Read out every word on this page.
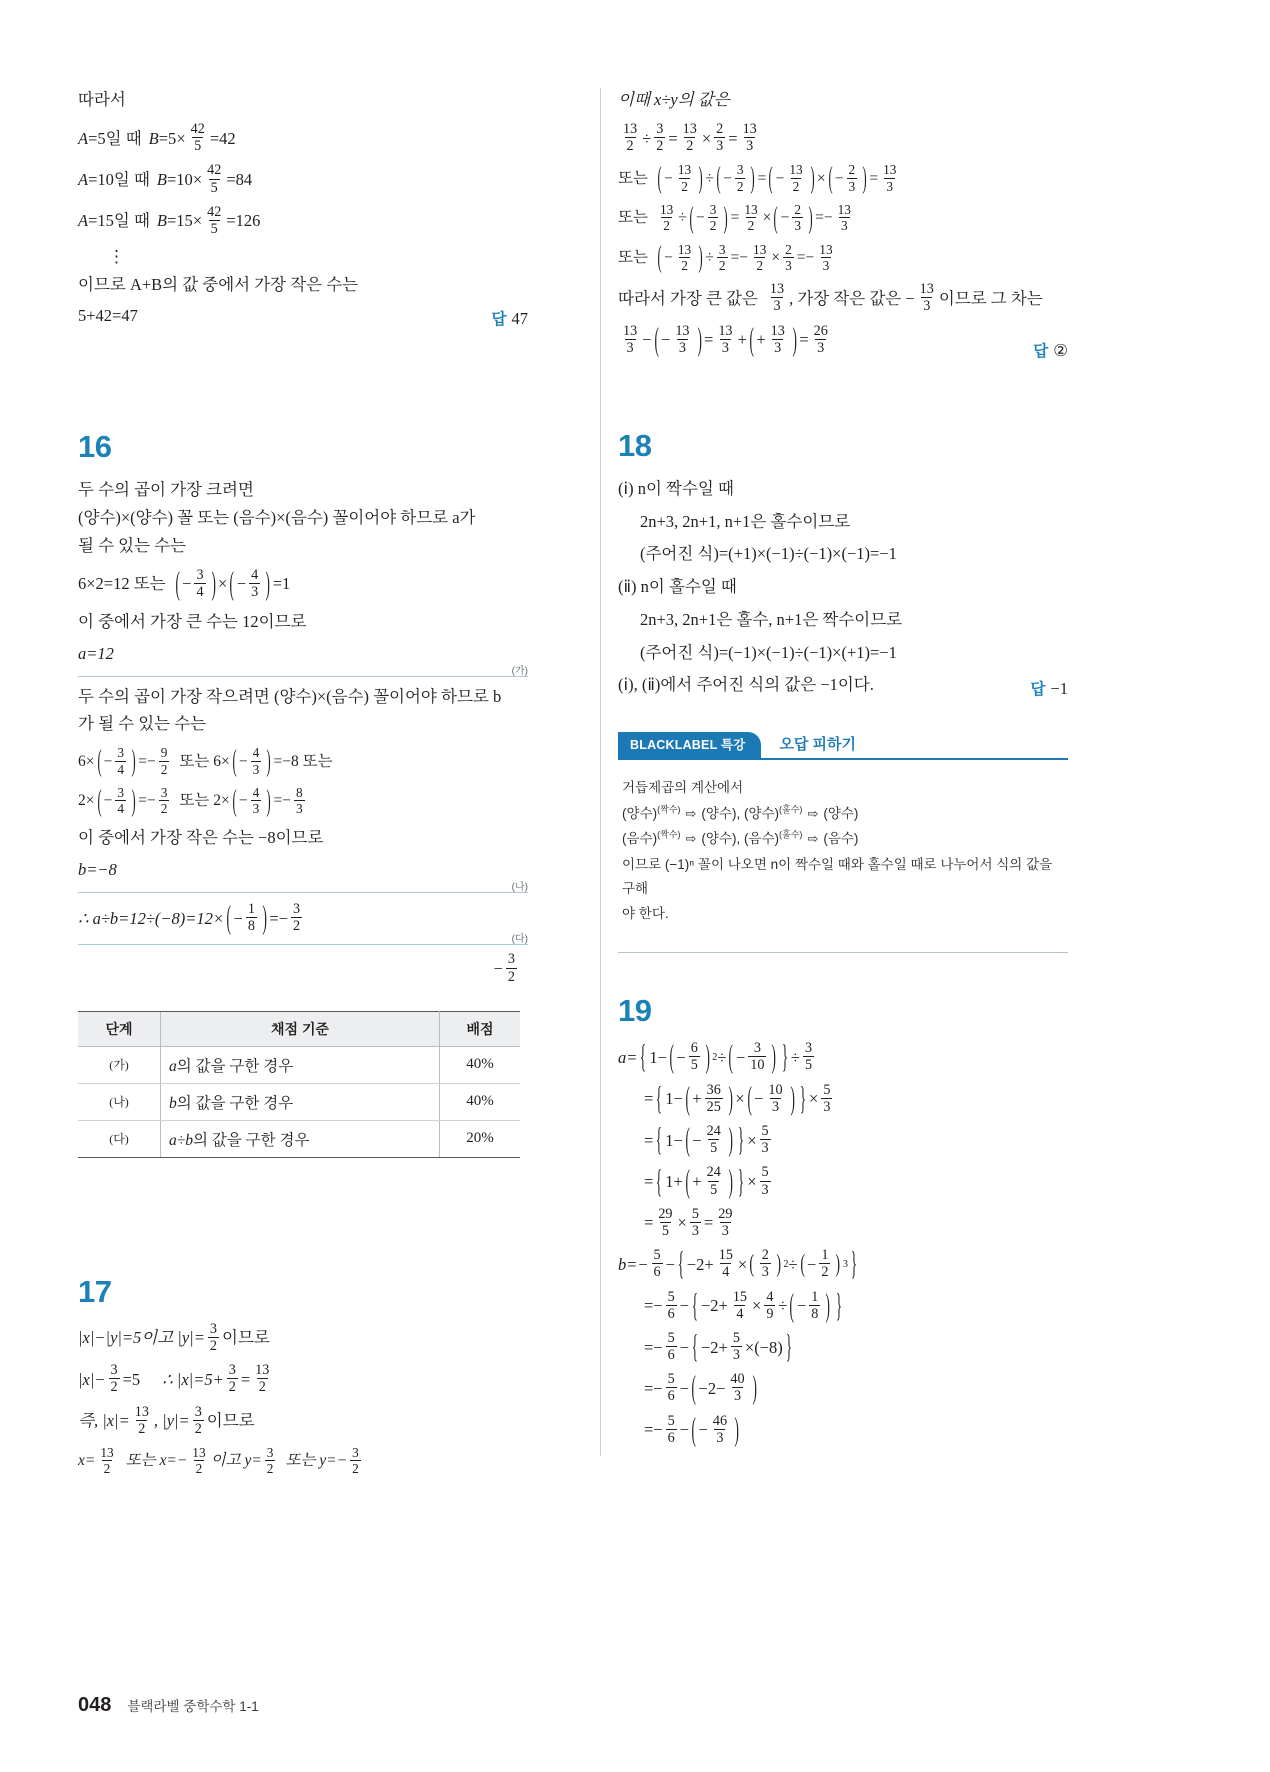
따라서
A =5일 때 $B =5 \times \frac{42}{5} =42$
A =10일 때 $B =10 \times \frac{42}{5} =84$
A =15일 때 $B =15 \times \frac{42}{5} =126$
⋮
이므로 A+B의 값 중에서 가장 작은 수는
5+42=47	답 47
16
두 수의 곱이 가장 크려면
(양수)×(양수) 꼴 또는 (음수)×(음수) 꼴이어야 하므로 a가
될 수 있는 수는
6×2=12 또는 ( − $\frac{3}{4}$ ) × ( − $\frac{4}{3}$ ) =1
이 중에서 가장 큰 수는 12이므로
a=12
(가)
두 수의 곱이 가장 작으려면 (양수)×(음수) 꼴이어야 하므로 b
가 될 수 있는 수는
6× ( − $\frac{3}{4}$ ) =− $\frac{9}{2}$ 또는 6× ( − $\frac{4}{3}$ ) =−8 또는
2× ( − $\frac{3}{4}$ ) =− $\frac{3}{2}$ 또는 2× ( − $\frac{4}{3}$ ) =− $\frac{8}{3}$
이 중에서 가장 작은 수는 −8이므로
b=−8
(나)
∴ a÷b=12÷(−8)=12× ( − $\frac{1}{8}$ ) =− $\frac{3}{2}$
(다)
− $\frac{3}{2}$
단계	채점 기준	배점
(가)	a의 값을 구한 경우	40%
(나)	b의 값을 구한 경우	40%
(다)	a÷b의 값을 구한 경우	20%
17
|x|−|y|=5이고 $|y|= \frac{3}{2}$ 이므로
$|x|- \frac{3}{2} =5$ ∴ $|x|=5+ \frac{3}{2} = \frac{13}{2}$
즉, $|x|= \frac{13}{2}$ , $|y|= \frac{3}{2}$ 이므로
$x= \frac{13}{2}$ 또는 $x=- \frac{13}{2}$ 이고 $y= \frac{3}{2}$ 또는 $y=- \frac{3}{2}$
이때 x÷y의 값은
$\frac{13}{2} \div \frac{3}{2} = \frac{13}{2} \times \frac{2}{3} = \frac{13}{3}$
또는 ( − $\frac{13}{2}$ ) ÷ ( − $\frac{3}{2}$ ) = ( − $\frac{13}{2}$ ) × ( − $\frac{2}{3}$ ) = $\frac{13}{3}$
또는 $\frac{13}{2}$ ÷ ( − $\frac{3}{2}$ ) = $\frac{13}{2}$ × ( − $\frac{2}{3}$ ) =− $\frac{13}{3}$
또는 ( − $\frac{13}{2}$ ) ÷ $\frac{3}{2} =- \frac{13}{2} \times \frac{2}{3} =- \frac{13}{3}$
따라서 가장 큰 값은 $\frac{13}{3}$ , 가장 작은 값은 − $\frac{13}{3}$ 이므로 그 차는
$\frac{13}{3}$ − ( − $\frac{13}{3}$ ) = $\frac{13}{3}$ + ( + $\frac{13}{3}$ ) = $\frac{26}{3}$	답 ②
18
(ⅰ) n이 짝수일 때
2n+3, 2n+1, n+1은 홀수이므로
(주어진 식)=(+1)×(−1)÷(−1)×(−1)=−1
(ⅱ) n이 홀수일 때
2n+3, 2n+1은 홀수, n+1은 짝수이므로
(주어진 식)=(−1)×(−1)÷(−1)×(+1)=−1
(ⅰ), (ⅱ)에서 주어진 식의 값은 −1이다.	답 −1
BLACKLABEL 특강	오답 피하기
거듭제곱의 계산에서
(양수)$^{(짝수)}$ ⇨ (양수), (양수)$^{(홀수)}$ ⇨ (양수)
(음수)$^{(짝수)}$ ⇨ (양수), (음수)$^{(홀수)}$ ⇨ (음수)
이므로 (−1)ⁿ 꼴이 나오면 n이 짝수일 때와 홀수일 때로 나누어서 식의 값을 구해
야 한다.
19
a= { 1− ( − $\frac{6}{5}$ ) 2 ÷ ( − $\frac{3}{10}$ ) } ÷ $\frac{3}{5}$
= { 1− ( + $\frac{36}{25}$ ) × ( − $\frac{10}{3}$ ) } × $\frac{5}{3}$
= { 1− ( − $\frac{24}{5}$ ) } × $\frac{5}{3}$
= { 1+ ( + $\frac{24}{5}$ ) } × $\frac{5}{3}$
= $\frac{29}{5} \times \frac{5}{3} = \frac{29}{3}$
$b=- \frac{5}{6}$ − { $-2+ \frac{15}{4}$ × ( $\frac{2}{3}$ ) 2 ÷ ( − $\frac{1}{2}$ ) 3 }
=− $\frac{5}{6}$ − { $-2+ \frac{15}{4} \times \frac{4}{9}$ ÷ ( − $\frac{1}{8}$ ) }
=− $\frac{5}{6}$ − { $-2+ \frac{5}{3} \times (-8)$ }
=− $\frac{5}{6}$ − ( $-2- \frac{40}{3}$ )
=− $\frac{5}{6}$ − ( − $\frac{46}{3}$ )
048 블랙라벨 중학수학 1-1
